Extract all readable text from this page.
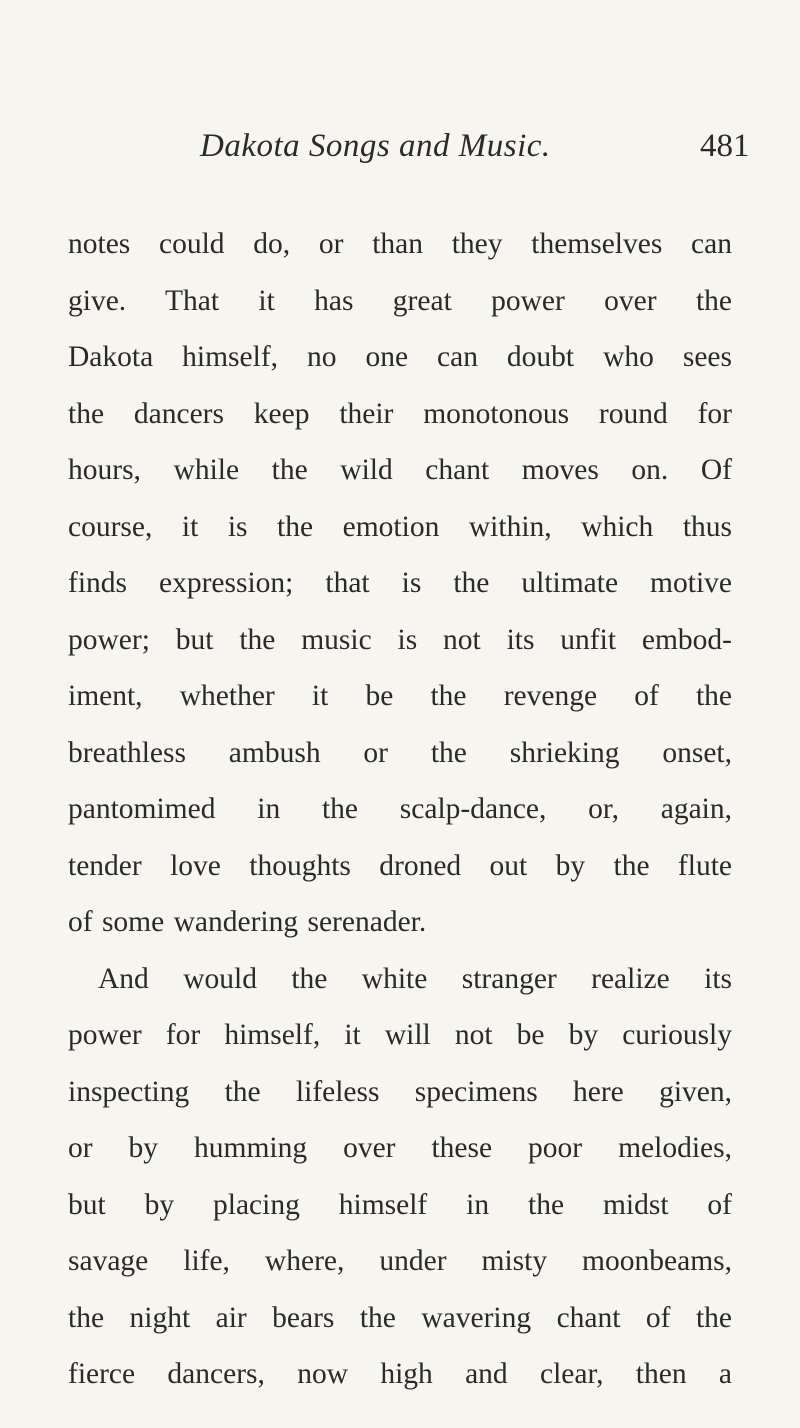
Dakota Songs and Music.	481
notes could do, or than they themselves can
give. That it has great power over the
Dakota himself, no one can doubt who sees
the dancers keep their monotonous round for
hours, while the wild chant moves on. Of
course, it is the emotion within, which thus
finds expression; that is the ultimate motive
power; but the music is not its unfit embod-
iment, whether it be the revenge of the
breathless ambush or the shrieking onset,
pantomimed in the scalp-dance, or, again,
tender love thoughts droned out by the flute
of some wandering serenader.
And would the white stranger realize its
power for himself, it will not be by curiously
inspecting the lifeless specimens here given,
or by humming over these poor melodies,
but by placing himself in the midst of
savage life, where, under misty moonbeams,
the night air bears the wavering chant of the
fierce dancers, now high and clear, then a
